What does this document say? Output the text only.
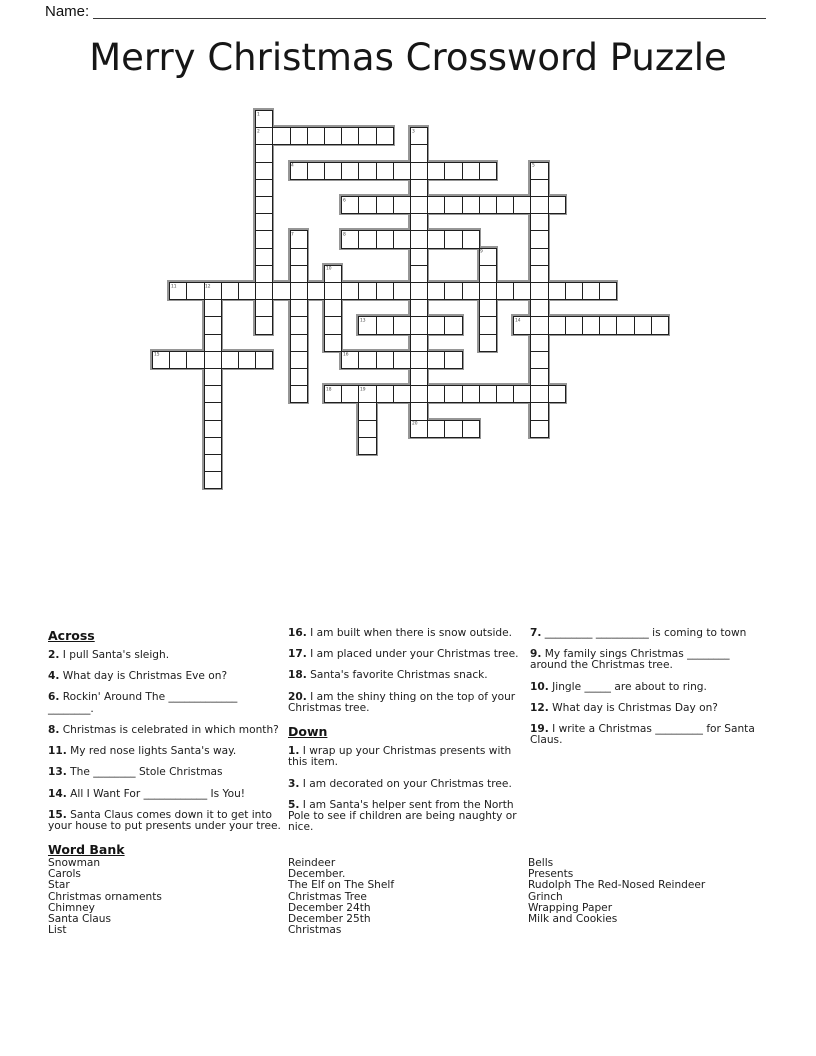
Name:
Merry Christmas Crossword Puzzle
1
2	3
4	5
6
7	8
9
10
11	12
13	14
15	16
18	19
20
Across
2. I pull Santa's sleigh.
4. What day is Christmas Eve on?
6. Rockin' Around The _____________ ________.
8. Christmas is celebrated in which month?
11. My red nose lights Santa's way.
13. The ________ Stole Christmas
14. All I Want For ____________ Is You!
15. Santa Claus comes down it to get into your house to put presents under your tree.
16. I am built when there is snow outside.
17. I am placed under your Christmas tree.
18. Santa's favorite Christmas snack.
20. I am the shiny thing on the top of your Christmas tree.
Down
1. I wrap up your Christmas presents with this item.
3. I am decorated on your Christmas tree.
5. I am Santa's helper sent from the North Pole to see if children are being naughty or nice.
7. _________ __________ is coming to town
9. My family sings Christmas ________ around the Christmas tree.
10. Jingle _____ are about to ring.
12. What day is Christmas Day on?
19. I write a Christmas _________ for Santa Claus.
Word Bank
Snowman
Carols
Star
Christmas ornaments
Chimney
Santa Claus
List
Reindeer
December.
The Elf on The Shelf
Christmas Tree
December 24th
December 25th
Christmas
Bells
Presents
Rudolph The Red-Nosed Reindeer
Grinch
Wrapping Paper
Milk and Cookies
